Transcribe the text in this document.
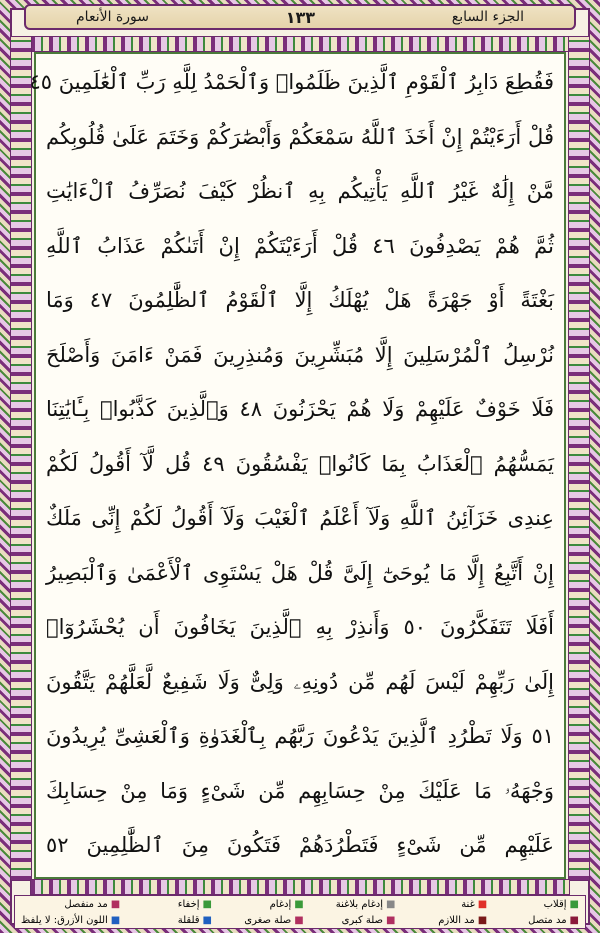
الجزء السابع
١٣٣
سورة الأنعام
فَقُطِعَ دَابِرُ ٱلْقَوْمِ ٱلَّذِينَ ظَلَمُوا۟ وَٱلْحَمْدُ لِلَّهِ رَبِّ ٱلْعَٰلَمِينَ ٤٥
قُلْ أَرَءَيْتُمْ إِنْ أَخَذَ ٱللَّهُ سَمْعَكُمْ وَأَبْصَٰرَكُمْ وَخَتَمَ عَلَىٰ قُلُوبِكُم
مَّنْ إِلَٰهٌ غَيْرُ ٱللَّهِ يَأْتِيكُم بِهِ ٱنظُرْ كَيْفَ نُصَرِّفُ ٱلْءَايَٰتِ
ثُمَّ هُمْ يَصْدِفُونَ ٤٦ قُلْ أَرَءَيْتَكُمْ إِنْ أَتَىٰكُمْ عَذَابُ ٱللَّهِ
بَغْتَةً أَوْ جَهْرَةً هَلْ يُهْلَكُ إِلَّا ٱلْقَوْمُ ٱلظَّٰلِمُونَ ٤٧ وَمَا
نُرْسِلُ ٱلْمُرْسَلِينَ إِلَّا مُبَشِّرِينَ وَمُنذِرِينَ فَمَنْ ءَامَنَ وَأَصْلَحَ
فَلَا خَوْفٌ عَلَيْهِمْ وَلَا هُمْ يَحْزَنُونَ ٤٨ وَٱلَّذِينَ كَذَّبُوا۟ بِـَٔايَٰتِنَا
يَمَسُّهُمُ ٱلْعَذَابُ بِمَا كَانُوا۟ يَفْسُقُونَ ٤٩ قُل لَّآ أَقُولُ لَكُمْ
عِندِى خَزَآئِنُ ٱللَّهِ وَلَآ أَعْلَمُ ٱلْغَيْبَ وَلَآ أَقُولُ لَكُمْ إِنِّى مَلَكٌ
إِنْ أَتَّبِعُ إِلَّا مَا يُوحَىٰٓ إِلَىَّ قُلْ هَلْ يَسْتَوِى ٱلْأَعْمَىٰ وَٱلْبَصِيرُ
أَفَلَا تَتَفَكَّرُونَ ٥٠ وَأَنذِرْ بِهِ ٱلَّذِينَ يَخَافُونَ أَن يُحْشَرُوٓا۟
إِلَىٰ رَبِّهِمْ لَيْسَ لَهُم مِّن دُونِهِۦ وَلِىٌّ وَلَا شَفِيعٌ لَّعَلَّهُمْ يَتَّقُونَ
٥١ وَلَا تَطْرُدِ ٱلَّذِينَ يَدْعُونَ رَبَّهُم بِٱلْغَدَوٰةِ وَٱلْعَشِىِّ يُرِيدُونَ
وَجْهَهُۥ مَا عَلَيْكَ مِنْ حِسَابِهِم مِّن شَىْءٍ وَمَا مِنْ حِسَابِكَ
عَلَيْهِم مِّن شَىْءٍ فَتَطْرُدَهُمْ فَتَكُونَ مِنَ ٱلظَّٰلِمِينَ ٥٢
■إقلاب
■غنة
■إدغام بلاغنة
■إدغام
■إخفاء
■مد منفصل
■مد متصل
■مد اللازم
■صلة كبرى
■صلة صغرى
■قلقلة
■اللون الأزرق: لا يلفظ
